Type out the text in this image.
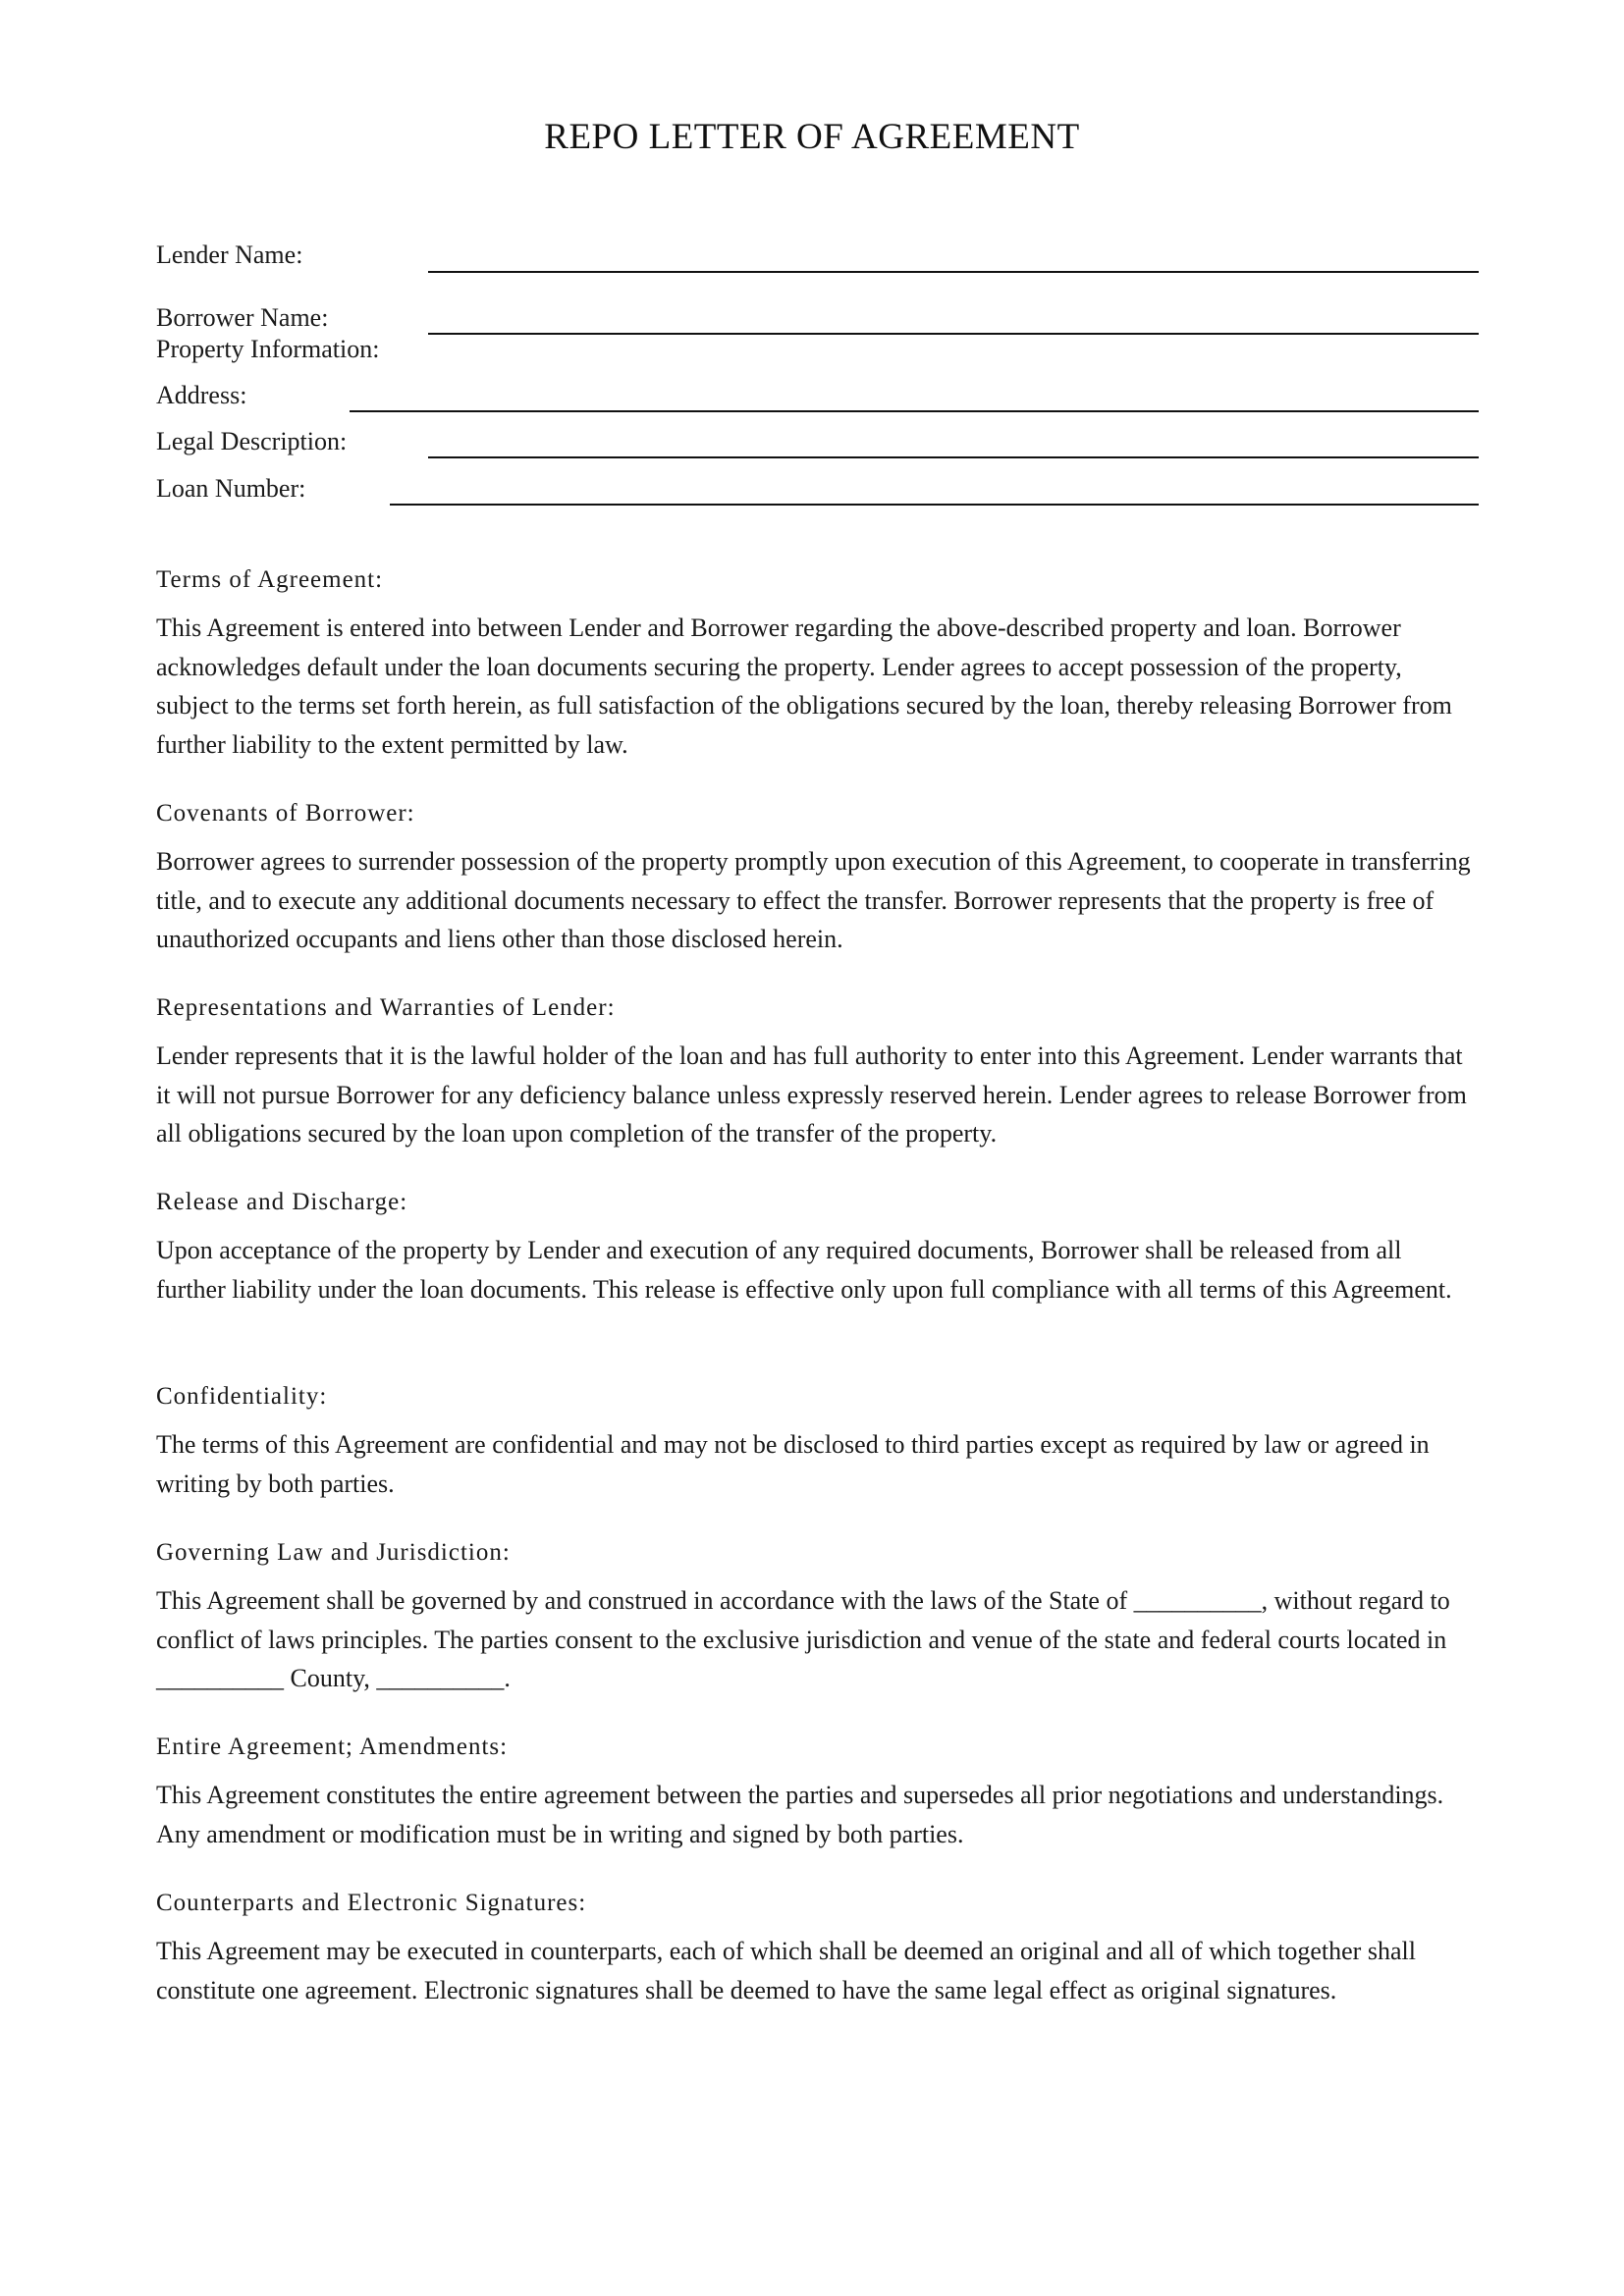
REPO LETTER OF AGREEMENT
Lender Name:
Borrower Name:
Property Information:
Address:
Legal Description:
Loan Number:
Terms of Agreement:
This Agreement is entered into between Lender and Borrower regarding the above-described property and loan. Borrower acknowledges default under the loan documents securing the property. Lender agrees to accept possession of the property, subject to the terms set forth herein, as full satisfaction of the obligations secured by the loan, thereby releasing Borrower from further liability to the extent permitted by law.
Covenants of Borrower:
Borrower agrees to surrender possession of the property promptly upon execution of this Agreement, to cooperate in transferring title, and to execute any additional documents necessary to effect the transfer. Borrower represents that the property is free of unauthorized occupants and liens other than those disclosed herein.
Representations and Warranties of Lender:
Lender represents that it is the lawful holder of the loan and has full authority to enter into this Agreement. Lender warrants that it will not pursue Borrower for any deficiency balance unless expressly reserved herein. Lender agrees to release Borrower from all obligations secured by the loan upon completion of the transfer of the property.
Release and Discharge:
Upon acceptance of the property by Lender and execution of any required documents, Borrower shall be released from all further liability under the loan documents. This release is effective only upon full compliance with all terms of this Agreement.
Confidentiality:
The terms of this Agreement are confidential and may not be disclosed to third parties except as required by law or agreed in writing by both parties.
Governing Law and Jurisdiction:
This Agreement shall be governed by and construed in accordance with the laws of the State of __________, without regard to conflict of laws principles. The parties consent to the exclusive jurisdiction and venue of the state and federal courts located in __________ County, __________.
Entire Agreement; Amendments:
This Agreement constitutes the entire agreement between the parties and supersedes all prior negotiations and understandings. Any amendment or modification must be in writing and signed by both parties.
Counterparts and Electronic Signatures:
This Agreement may be executed in counterparts, each of which shall be deemed an original and all of which together shall constitute one agreement. Electronic signatures shall be deemed to have the same legal effect as original signatures.
